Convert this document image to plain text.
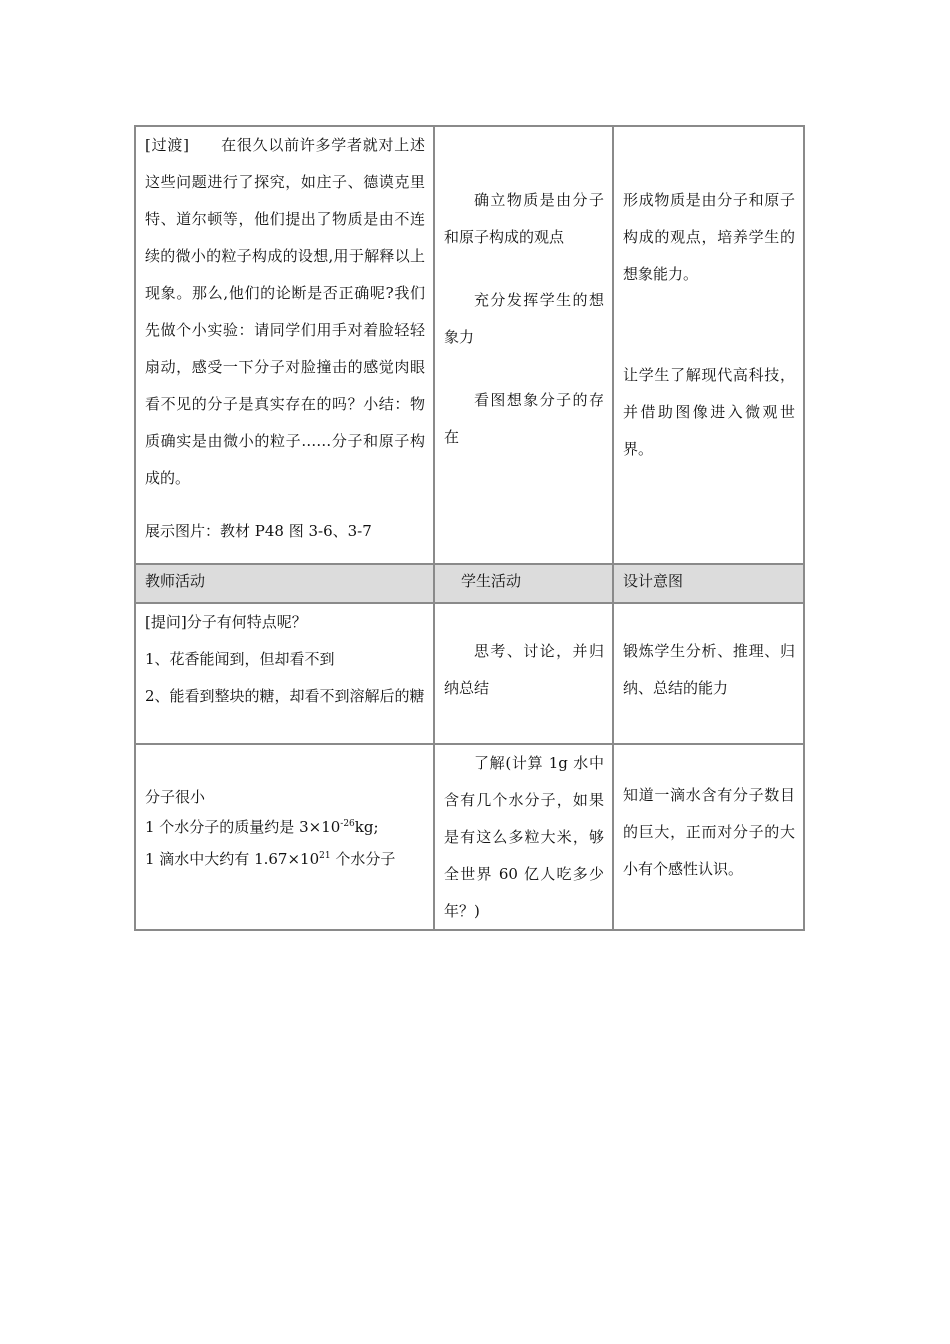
[过渡]　　在很久以前许多学者就对上述这些问题进行了探究，如庄子、德谟克里特、道尔顿等，他们提出了物质是由不连续的微小的粒子构成的设想,用于解释以上现象。那么,他们的论断是否正确呢?我们先做个小实验：请同学们用手对着脸轻轻扇动，感受一下分子对脸撞击的感觉肉眼看不见的分子是真实存在的吗？小结：物质确实是由微小的粒子……分子和原子构成的。

展示图片：教材 P48 图 3-6、3-7

确立物质是由分子和原子构成的观点

充分发挥学生的想象力

看图想象分子的存在

形成物质是由分子和原子构成的观点，培养学生的想象能力。

让学生了解现代高科技，并借助图像进入微观世界。

教师活动	学生活动	设计意图

[提问]分子有何特点呢？

1、花香能闻到，但却看不到

2、能看到整块的糖，却看不到溶解后的糖

思考、讨论，并归纳总结

锻炼学生分析、推理、归纳、总结的能力

分子很小

1 个水分子的质量约是 $3\times 10^{-26}kg$;

1 滴水中大约有 $1.67\times 10^{21}$ 个水分子

了解(计算 1g 水中含有几个水分子，如果是有这么多粒大米，够全世界 60 亿人吃多少年？)

知道一滴水含有分子数目的巨大，正而对分子的大小有个感性认识。
